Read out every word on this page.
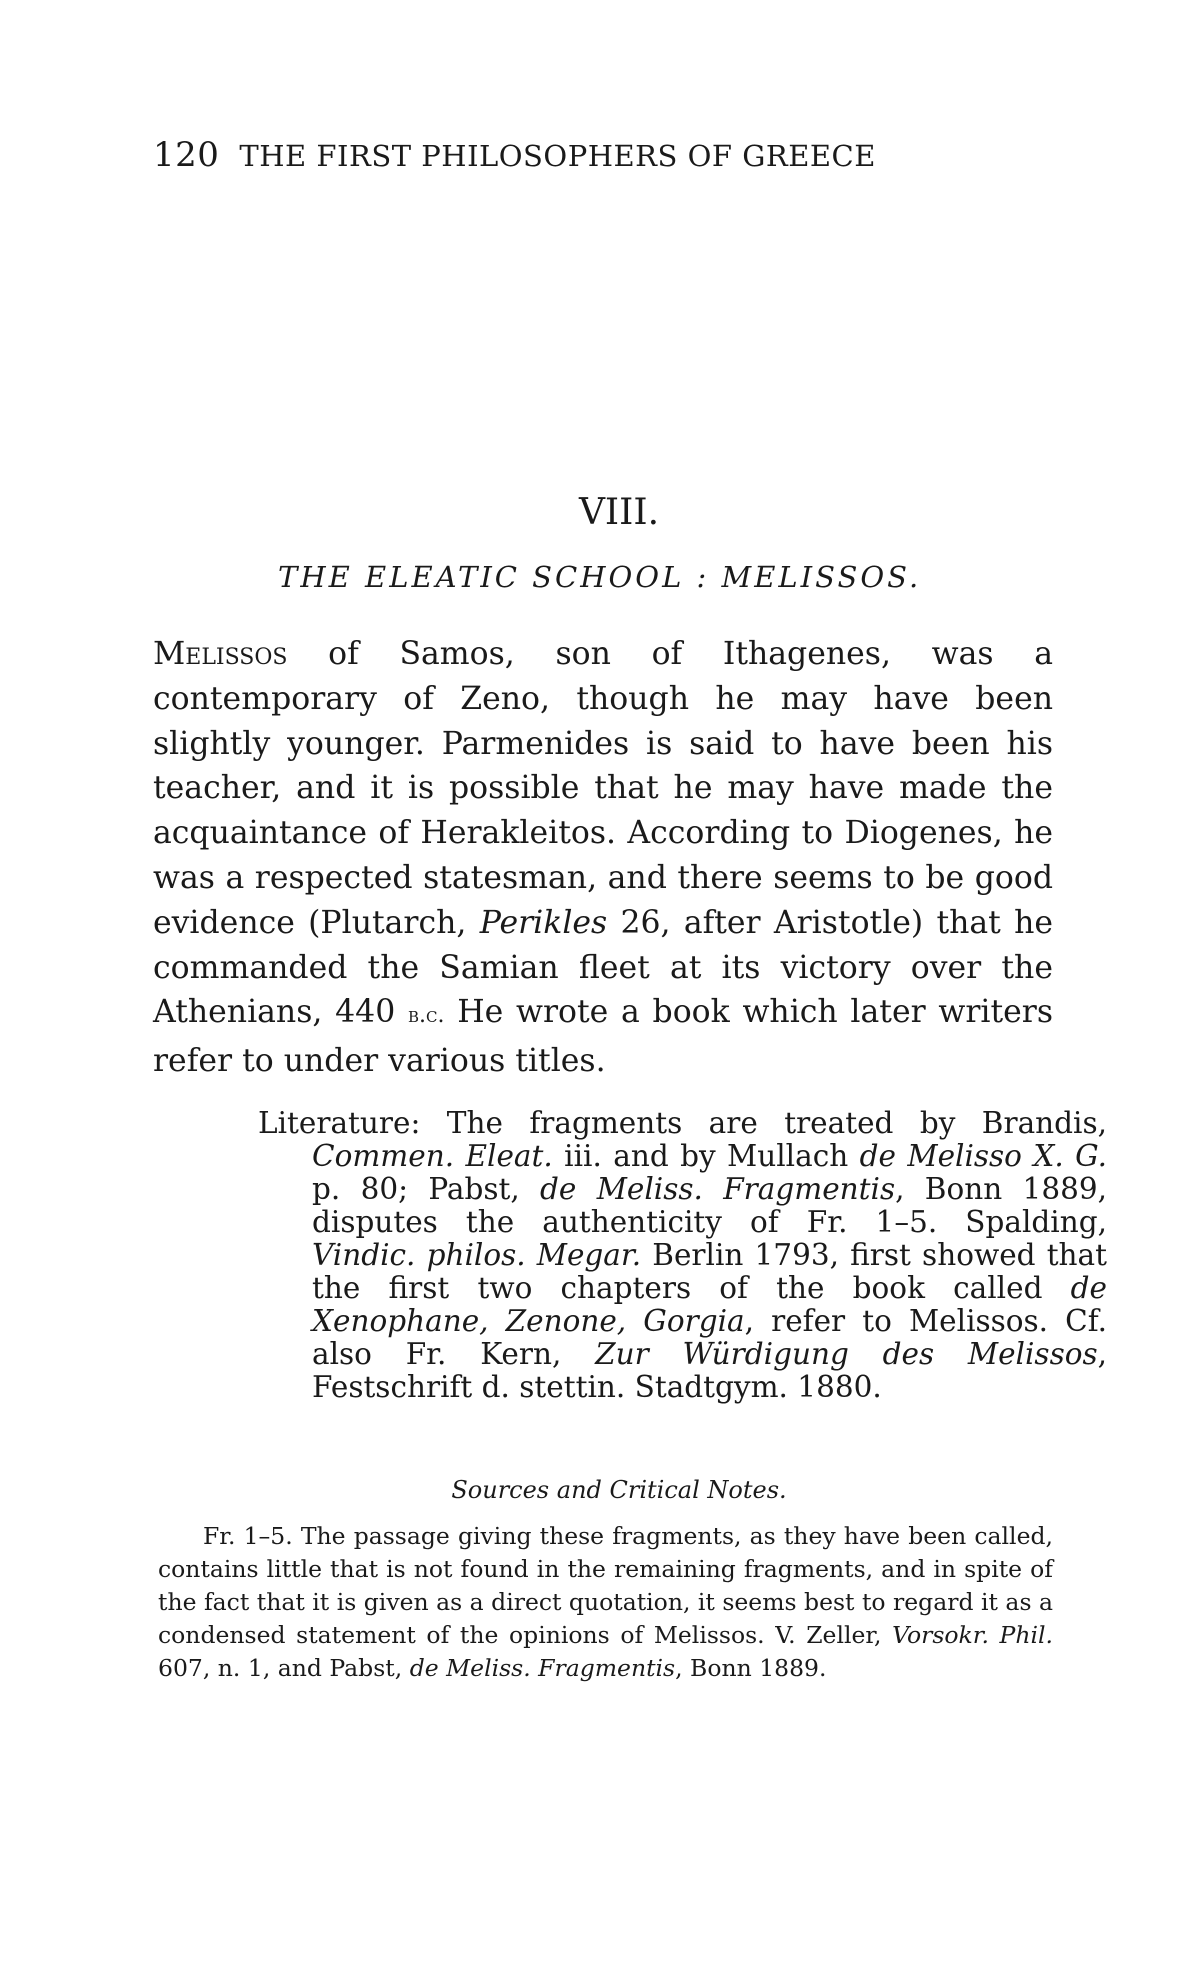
120 THE FIRST PHILOSOPHERS OF GREECE
VIII.
THE ELEATIC SCHOOL : MELISSOS.

Melissos of Samos, son of Ithagenes, was a contemporary of Zeno, though he may have been slightly younger. Parmenides is said to have been his teacher, and it is possible that he may have made the acquaintance of Herakleitos. According to Diogenes, he was a respected statesman, and there seems to be good evidence (Plutarch, Perikles 26, after Aristotle) that he commanded the Samian fleet at its victory over the Athenians, 440 b.c. He wrote a book which later writers refer to under various titles.

Literature: The fragments are treated by Brandis, Commen. Eleat. iii. and by Mullach de Melisso X. G. p. 80; Pabst, de Meliss. Fragmentis, Bonn 1889, disputes the authenticity of Fr. 1–5. Spalding, Vindic. philos. Megar. Berlin 1793, first showed that the first two chapters of the book called de Xenophane, Zenone, Gorgia, refer to Melissos. Cf. also Fr. Kern, Zur Würdigung des Melissos, Festschrift d. stettin. Stadtgym. 1880.

Sources and Critical Notes.

Fr. 1–5. The passage giving these fragments, as they have been called, contains little that is not found in the remaining fragments, and in spite of the fact that it is given as a direct quotation, it seems best to regard it as a condensed statement of the opinions of Melissos. V. Zeller, Vorsokr. Phil. 607, n. 1, and Pabst, de Meliss. Fragmentis, Bonn 1889.
